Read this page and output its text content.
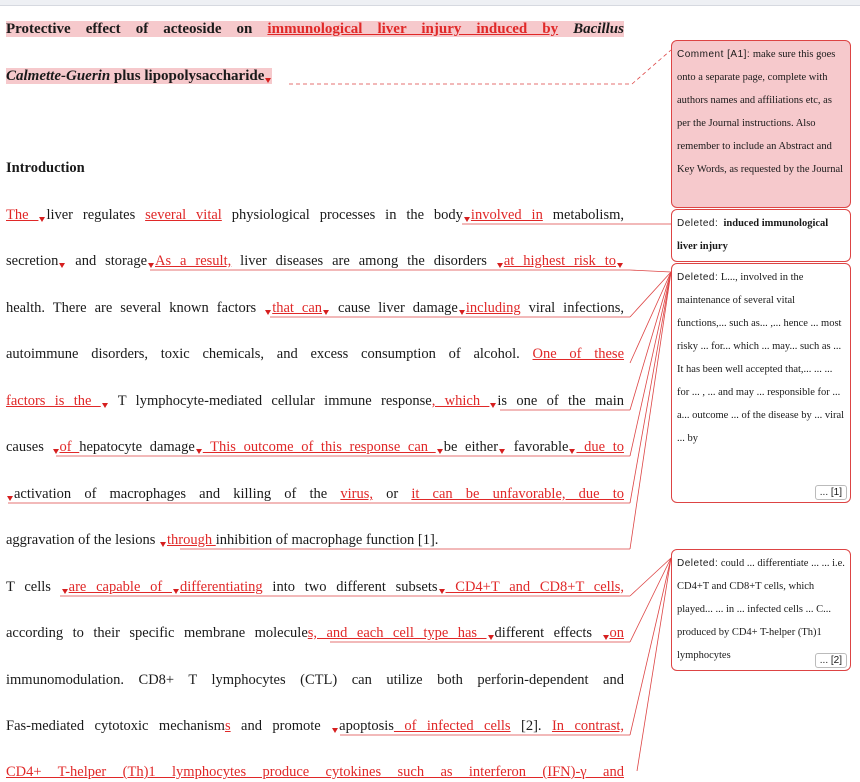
Protective effect of acteoside on immunological liver injury induced by Bacillus
Calmette-Guerin plus lipopolysaccharide
Introduction
The liver regulates several vital physiological processes in the body involved in metabolism,
secretion and storage As a result, liver diseases are among the disorders at highest risk to
health. There are several known factors that can cause liver damage including viral infections,
autoimmune disorders, toxic chemicals, and excess consumption of alcohol. One of these
factors is the  T lymphocyte-mediated cellular immune response, which is one of the main
causes of hepatocyte damage This outcome of this response can be either favorable due to
activation of macrophages and killing of the virus, or it can be unfavorable, due to
aggravation of the lesions through inhibition of macrophage function [1].
T cells are capable of differentiating into two different subsets CD4+T and CD8+T cells,
according to their specific membrane molecules, and each cell type has different effects on
immunomodulation. CD8+ T lymphocytes (CTL) can utilize both perforin-dependent and
Fas-mediated cytotoxic mechanisms and promote apoptosis of infected cells [2]. In contrast,
CD4+ T-helper (Th)1 lymphocytes produce cytokines such as interferon (IFN)-γ and
Comment [A1]: make sure this goes onto a separate page, complete with authors names and affiliations etc, as per the Journal instructions. Also remember to include an Abstract and Key Words, as requested by the Journal
Deleted: induced immunological liver injury
Deleted: L..., involved in the maintenance of several vital functions,... such as... ,... hence ... most risky ... for... which ... may... such as ... It has been well accepted that,... ... ... for ... , ... and may ... responsible for ... a... outcome ... of the disease by ... viral ... by
... [1]
Deleted: could ... differentiate ... ... i.e. CD4+T and CD8+T cells, which played... ... in ... infected cells ... C... produced by CD4+ T-helper (Th)1 lymphocytes	... [2]
